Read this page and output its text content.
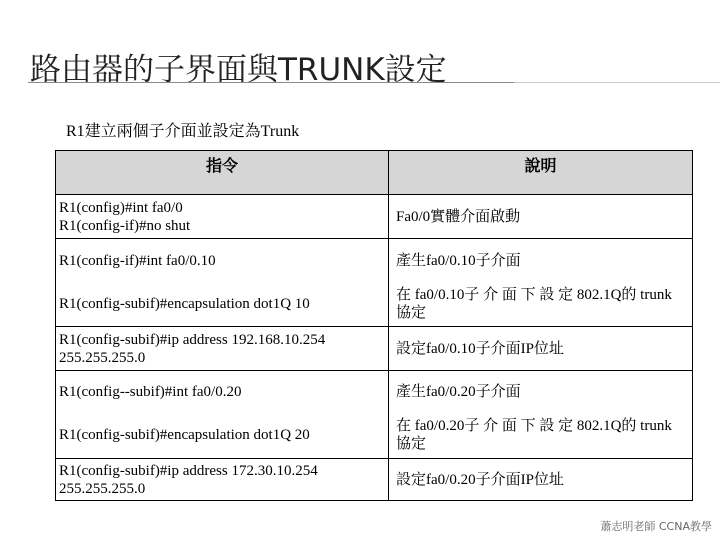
路由器的子界面與TRUNK設定
R1建立兩個子介面並設定為Trunk
指令	說明

R1(config)#int fa0/0
R1(config-if)#no shut	Fa0/0實體介面啟動

R1(config-if)#int fa0/0.10	產生fa0/0.10子介面

R1(config-subif)#encapsulation dot1Q 10	在 fa0/0.10子 介 面 下 設 定 802.1Q的 trunk 協定

R1(config-subif)#ip address 192.168.10.254
255.255.255.0	設定fa0/0.10子介面IP位址

R1(config--subif)#int fa0/0.20	產生fa0/0.20子介面

R1(config-subif)#encapsulation dot1Q 20	在 fa0/0.20子 介 面 下 設 定 802.1Q的 trunk 協定

R1(config-subif)#ip address 172.30.10.254
255.255.255.0	設定fa0/0.20子介面IP位址
蕭志明老師 CCNA教學
